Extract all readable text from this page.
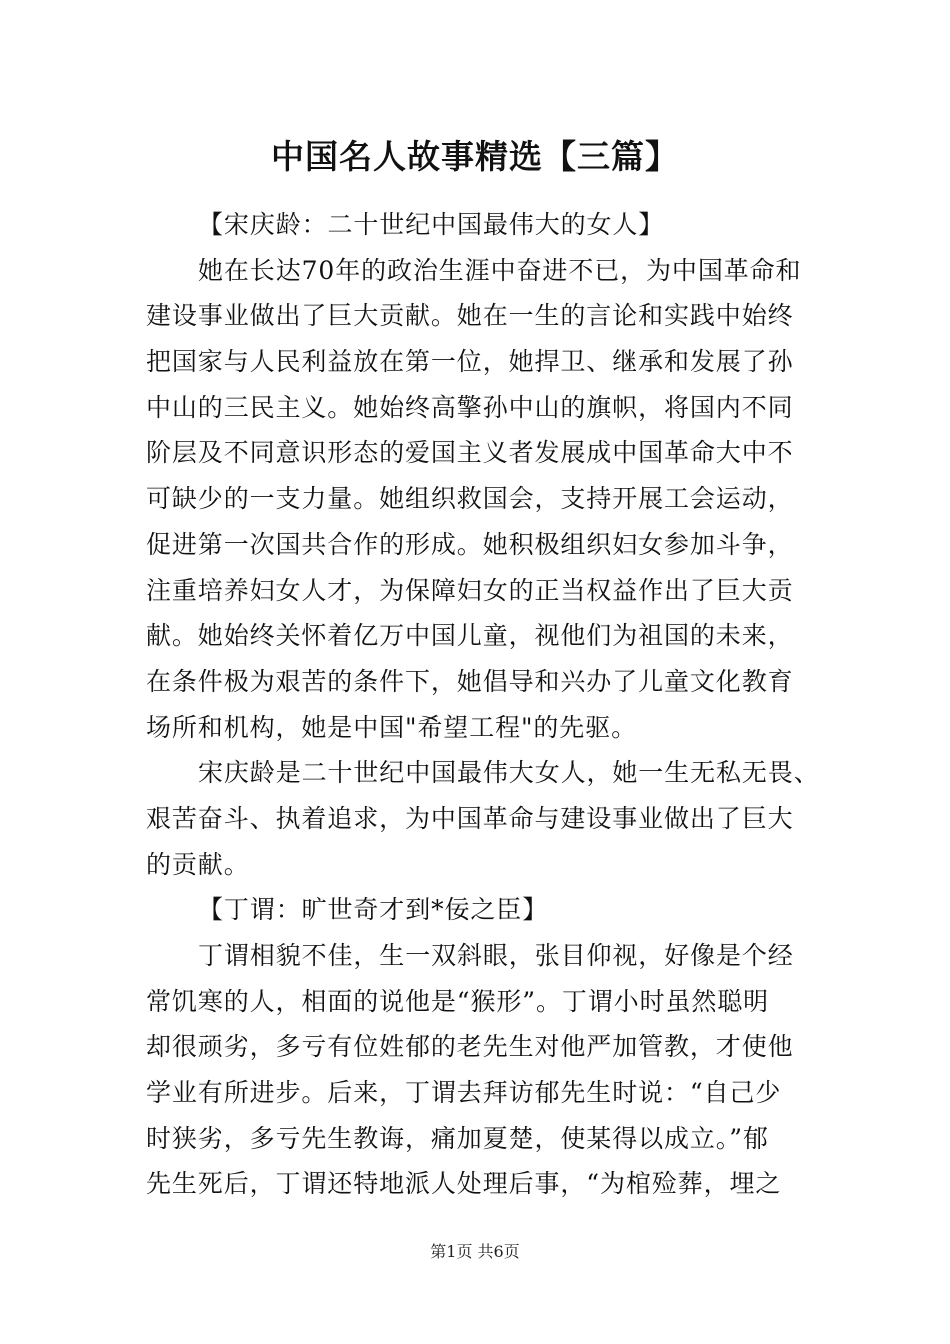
中国名人故事精选【三篇】
【宋庆龄：二十世纪中国最伟大的女人】
她在长达70年的政治生涯中奋进不已，为中国革命和
建设事业做出了巨大贡献。她在一生的言论和实践中始终
把国家与人民利益放在第一位，她捍卫、继承和发展了孙
中山的三民主义。她始终高擎孙中山的旗帜，将国内不同
阶层及不同意识形态的爱国主义者发展成中国革命大中不
可缺少的一支力量。她组织救国会，支持开展工会运动，
促进第一次国共合作的形成。她积极组织妇女参加斗争，
注重培养妇女人才，为保障妇女的正当权益作出了巨大贡
献。她始终关怀着亿万中国儿童，视他们为祖国的未来，
在条件极为艰苦的条件下，她倡导和兴办了儿童文化教育
场所和机构，她是中国"希望工程"的先驱。
宋庆龄是二十世纪中国最伟大女人，她一生无私无畏、
艰苦奋斗、执着追求，为中国革命与建设事业做出了巨大
的贡献。
【丁谓：旷世奇才到*佞之臣】
丁谓相貌不佳，生一双斜眼，张目仰视，好像是个经
常饥寒的人，相面的说他是“猴形”。丁谓小时虽然聪明
却很顽劣，多亏有位姓郁的老先生对他严加管教，才使他
学业有所进步。后来，丁谓去拜访郁先生时说：“自己少
时狭劣，多亏先生教诲，痛加夏楚，使某得以成立。”郁
先生死后，丁谓还特地派人处理后事，“为棺殓葬，埋之
第1页 共6页
